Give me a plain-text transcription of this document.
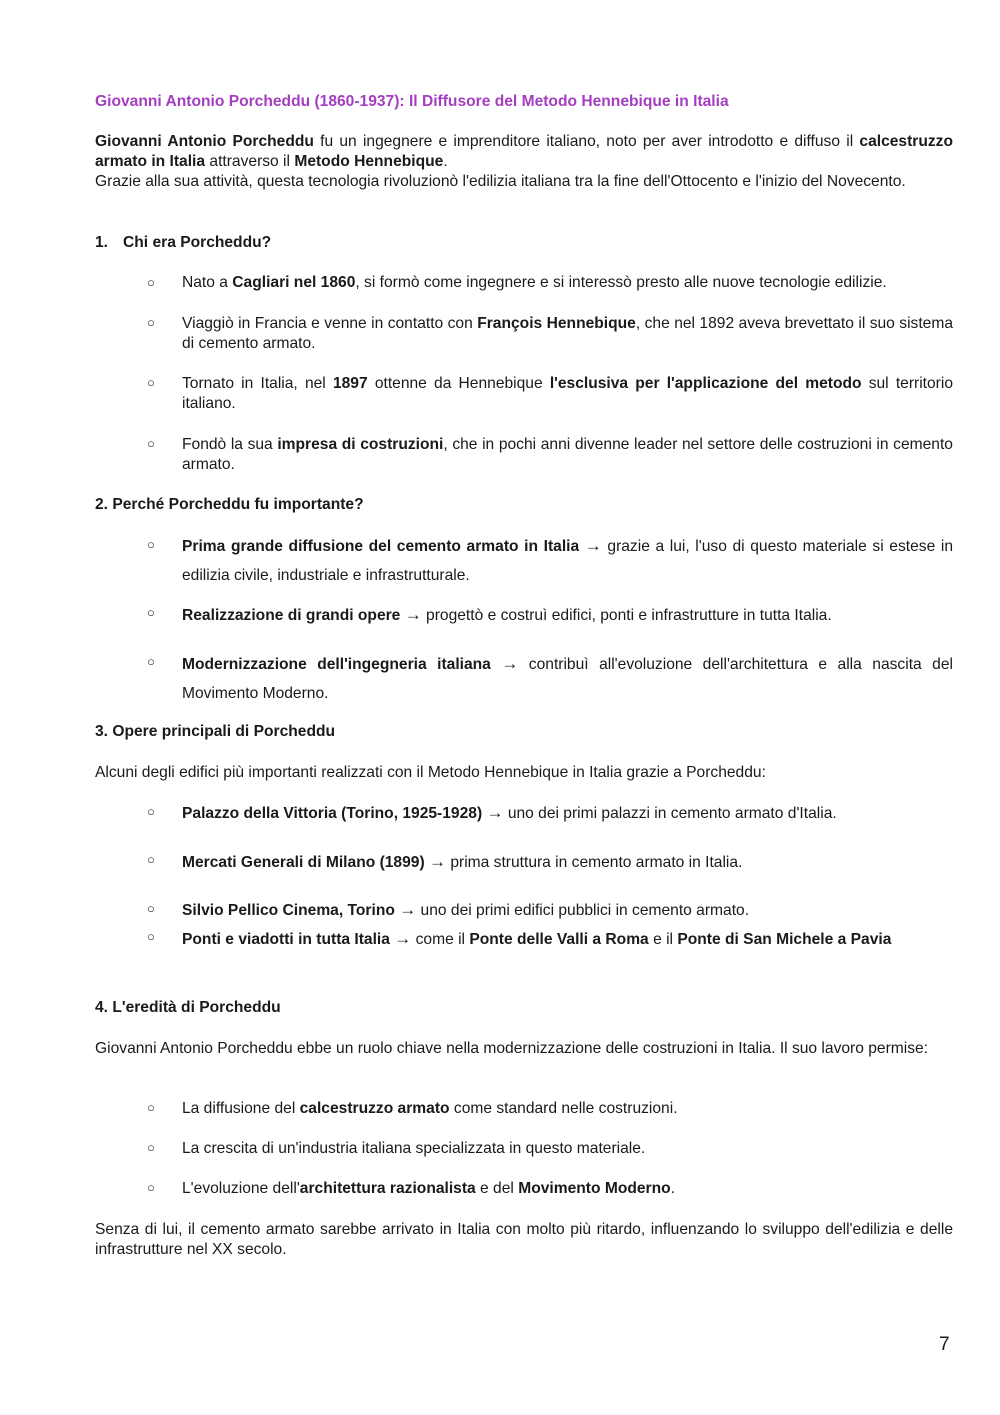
Giovanni Antonio Porcheddu (1860-1937): Il Diffusore del Metodo Hennebique in Italia
Giovanni Antonio Porcheddu fu un ingegnere e imprenditore italiano, noto per aver introdotto e diffuso il calcestruzzo armato in Italia attraverso il Metodo Hennebique.
Grazie alla sua attività, questa tecnologia rivoluzionò l'edilizia italiana tra la fine dell'Ottocento e l'inizio del Novecento.
1. Chi era Porcheddu?
○ Nato a Cagliari nel 1860, si formò come ingegnere e si interessò presto alle nuove tecnologie edilizie.
○ Viaggiò in Francia e venne in contatto con François Hennebique, che nel 1892 aveva brevettato il suo sistema di cemento armato.
○ Tornato in Italia, nel 1897 ottenne da Hennebique l'esclusiva per l'applicazione del metodo sul territorio italiano.
○ Fondò la sua impresa di costruzioni, che in pochi anni divenne leader nel settore delle costruzioni in cemento armato.
2. Perché Porcheddu fu importante?
○ Prima grande diffusione del cemento armato in Italia → grazie a lui, l'uso di questo materiale si estese in edilizia civile, industriale e infrastrutturale.
○ Realizzazione di grandi opere → progettò e costruì edifici, ponti e infrastrutture in tutta Italia.
○ Modernizzazione dell'ingegneria italiana → contribuì all'evoluzione dell'architettura e alla nascita del Movimento Moderno.
3. Opere principali di Porcheddu
Alcuni degli edifici più importanti realizzati con il Metodo Hennebique in Italia grazie a Porcheddu:
○ Palazzo della Vittoria (Torino, 1925-1928) → uno dei primi palazzi in cemento armato d'Italia.
○ Mercati Generali di Milano (1899) → prima struttura in cemento armato in Italia.
○ Silvio Pellico Cinema, Torino → uno dei primi edifici pubblici in cemento armato.
○ Ponti e viadotti in tutta Italia → come il Ponte delle Valli a Roma e il Ponte di San Michele a Pavia
4. L'eredità di Porcheddu
Giovanni Antonio Porcheddu ebbe un ruolo chiave nella modernizzazione delle costruzioni in Italia. Il suo lavoro permise:
○ La diffusione del calcestruzzo armato come standard nelle costruzioni.
○ La crescita di un'industria italiana specializzata in questo materiale.
○ L'evoluzione dell'architettura razionalista e del Movimento Moderno.
Senza di lui, il cemento armato sarebbe arrivato in Italia con molto più ritardo, influenzando lo sviluppo dell'edilizia e delle infrastrutture nel XX secolo.
7
